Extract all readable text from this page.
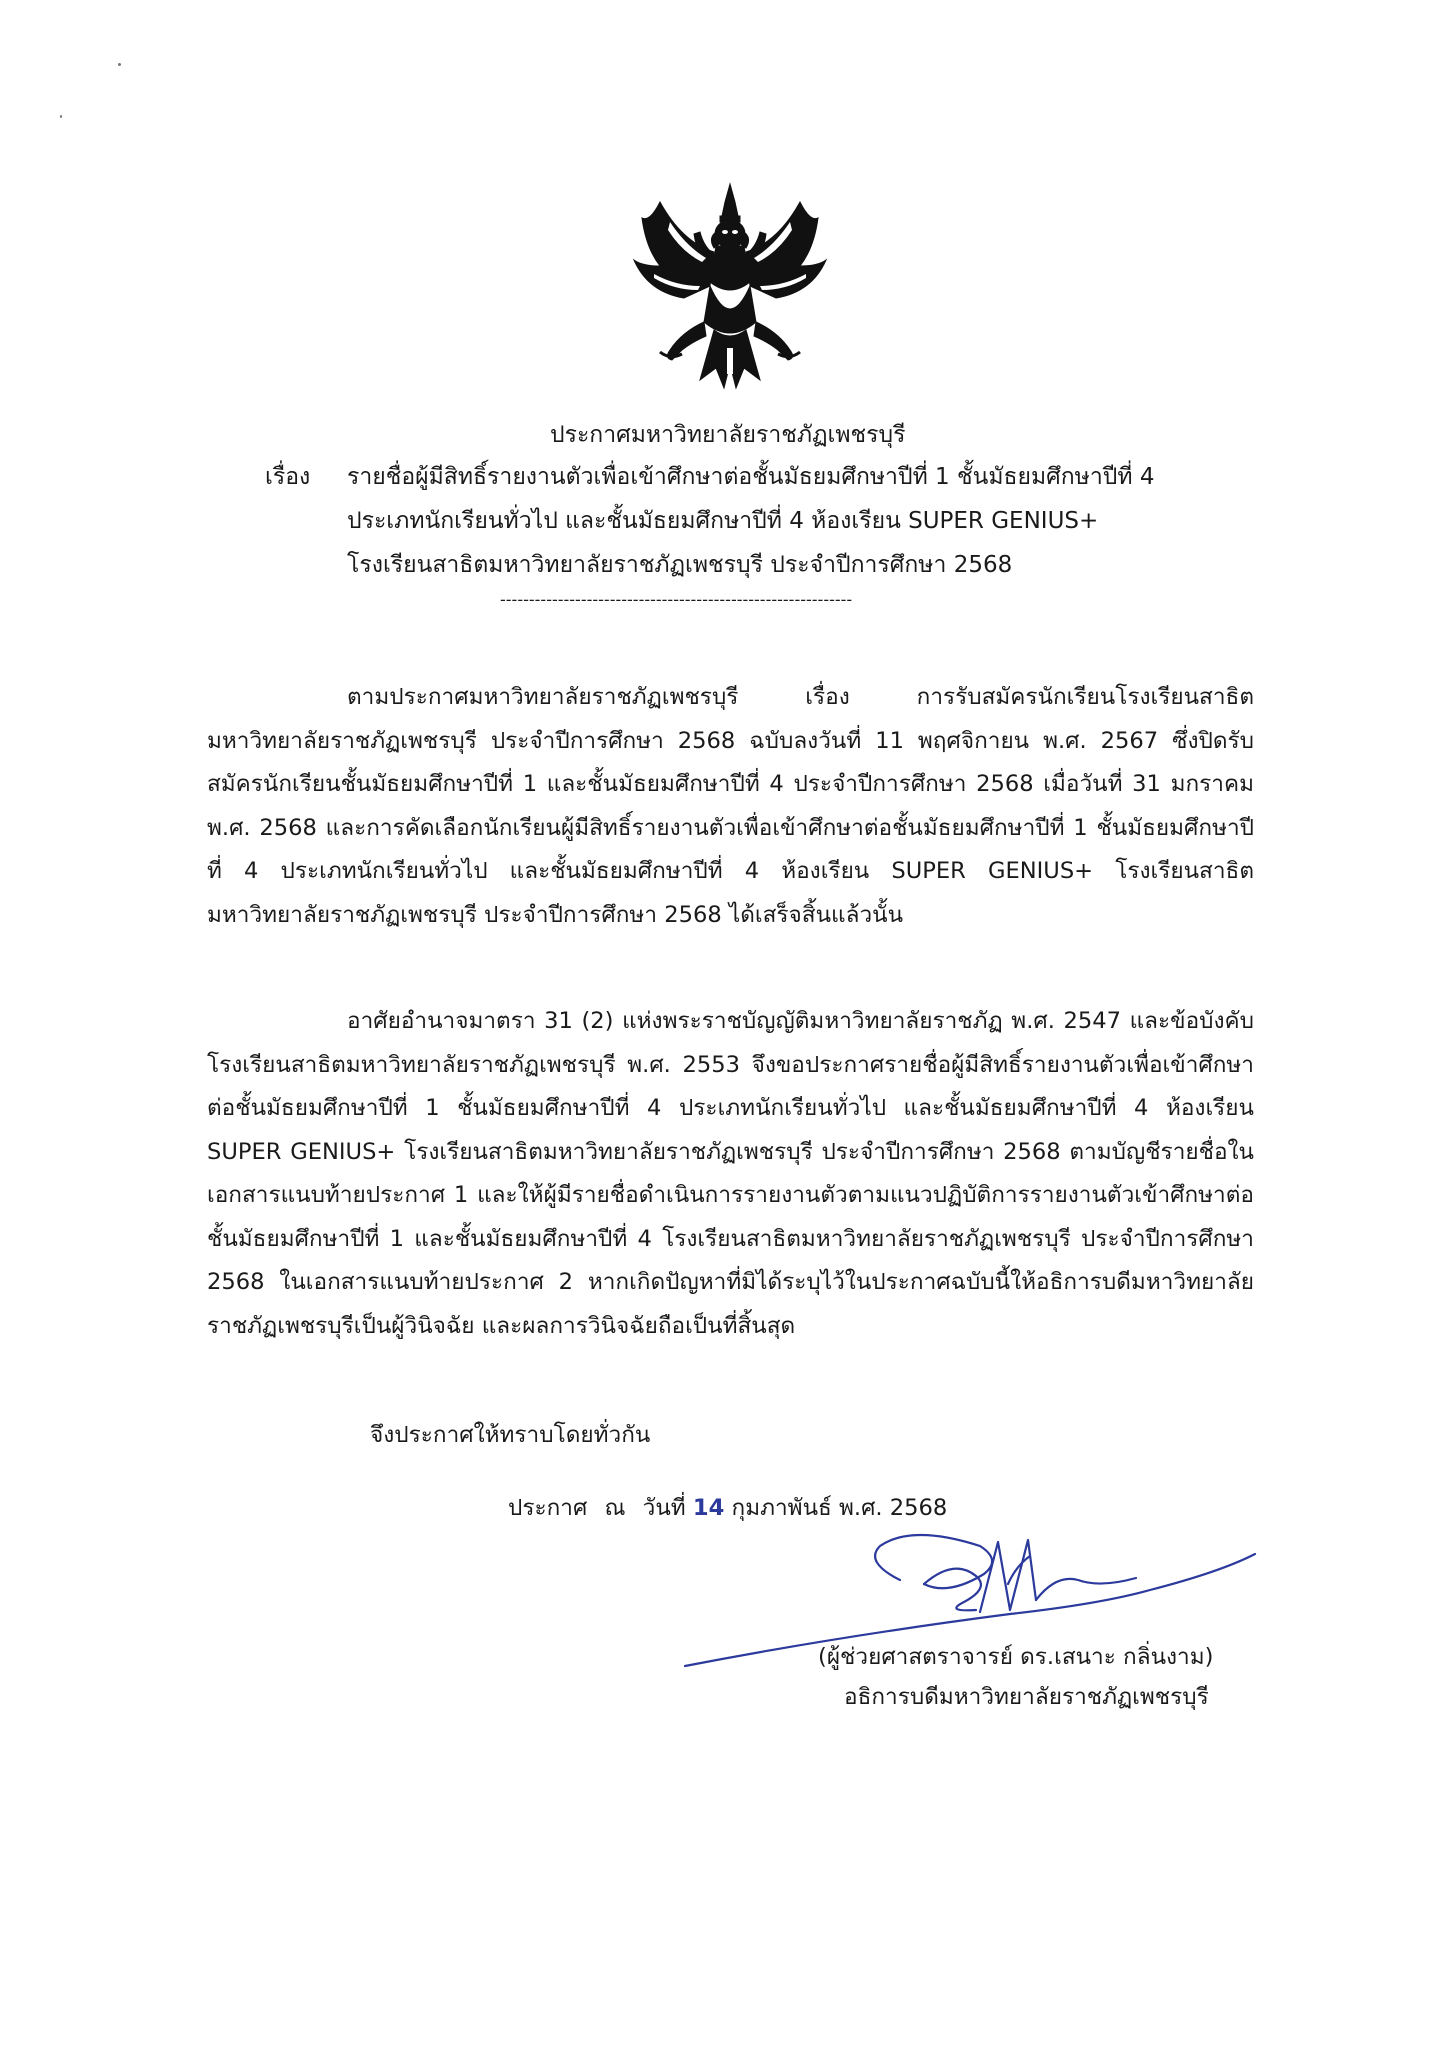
ประกาศมหาวิทยาลัยราชภัฏเพชรบุรี
เรื่อง รายชื่อผู้มีสิทธิ์รายงานตัวเพื่อเข้าศึกษาต่อชั้นมัธยมศึกษาปีที่ 1 ชั้นมัธยมศึกษาปีที่ 4
ประเภทนักเรียนทั่วไป และชั้นมัธยมศึกษาปีที่ 4 ห้องเรียน SUPER GENIUS+
โรงเรียนสาธิตมหาวิทยาลัยราชภัฏเพชรบุรี ประจำปีการศึกษา 2568
-------------------------------------------------------------
ตามประกาศมหาวิทยาลัยราชภัฏเพชรบุรี เรื่อง การรับสมัครนักเรียนโรงเรียนสาธิตมหาวิทยาลัยราชภัฏเพชรบุรี ประจำปีการศึกษา 2568 ฉบับลงวันที่ 11 พฤศจิกายน พ.ศ. 2567 ซึ่งปิดรับสมัครนักเรียนชั้นมัธยมศึกษาปีที่ 1 และชั้นมัธยมศึกษาปีที่ 4 ประจำปีการศึกษา 2568 เมื่อวันที่ 31 มกราคม พ.ศ. 2568 และการคัดเลือกนักเรียนผู้มีสิทธิ์รายงานตัวเพื่อเข้าศึกษาต่อชั้นมัธยมศึกษาปีที่ 1 ชั้นมัธยมศึกษาปีที่ 4 ประเภทนักเรียนทั่วไป และชั้นมัธยมศึกษาปีที่ 4 ห้องเรียน SUPER GENIUS+ โรงเรียนสาธิตมหาวิทยาลัยราชภัฏเพชรบุรี ประจำปีการศึกษา 2568 ได้เสร็จสิ้นแล้วนั้น
อาศัยอำนาจมาตรา 31 (2) แห่งพระราชบัญญัติมหาวิทยาลัยราชภัฏ พ.ศ. 2547 และข้อบังคับโรงเรียนสาธิตมหาวิทยาลัยราชภัฏเพชรบุรี พ.ศ. 2553 จึงขอประกาศรายชื่อผู้มีสิทธิ์รายงานตัวเพื่อเข้าศึกษาต่อชั้นมัธยมศึกษาปีที่ 1 ชั้นมัธยมศึกษาปีที่ 4 ประเภทนักเรียนทั่วไป และชั้นมัธยมศึกษาปีที่ 4 ห้องเรียน SUPER GENIUS+ โรงเรียนสาธิตมหาวิทยาลัยราชภัฏเพชรบุรี ประจำปีการศึกษา 2568 ตามบัญชีรายชื่อในเอกสารแนบท้ายประกาศ 1 และให้ผู้มีรายชื่อดำเนินการรายงานตัวตามแนวปฏิบัติการรายงานตัวเข้าศึกษาต่อชั้นมัธยมศึกษาปีที่ 1 และชั้นมัธยมศึกษาปีที่ 4 โรงเรียนสาธิตมหาวิทยาลัยราชภัฏเพชรบุรี ประจำปีการศึกษา 2568 ในเอกสารแนบท้ายประกาศ 2 หากเกิดปัญหาที่มิได้ระบุไว้ในประกาศฉบับนี้ให้อธิการบดีมหาวิทยาลัยราชภัฏเพชรบุรีเป็นผู้วินิจฉัย และผลการวินิจฉัยถือเป็นที่สิ้นสุด
จึงประกาศให้ทราบโดยทั่วกัน
ประกาศ ณ วันที่ 14 กุมภาพันธ์ พ.ศ. 2568
(ผู้ช่วยศาสตราจารย์ ดร.เสนาะ กลิ่นงาม)
อธิการบดีมหาวิทยาลัยราชภัฏเพชรบุรี
